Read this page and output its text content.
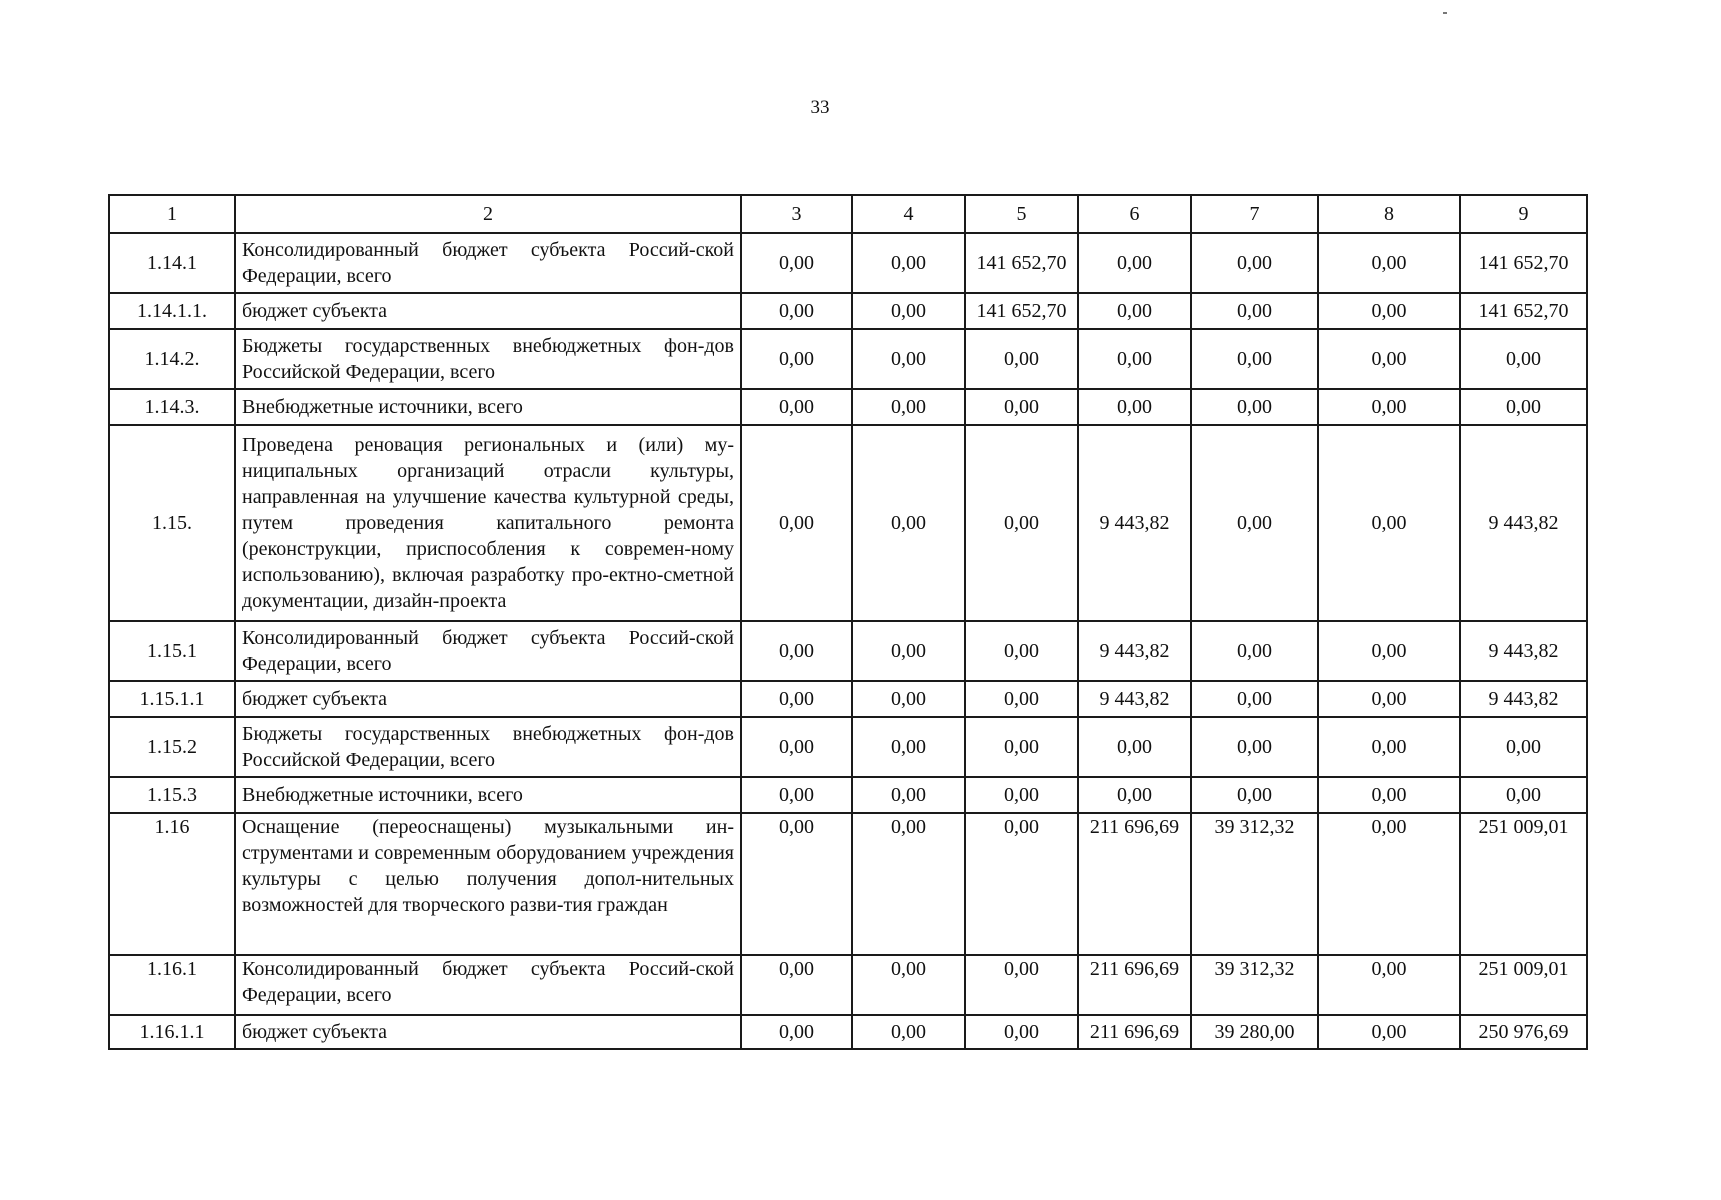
33
1	2	3	4	5	6	7	8	9
1.14.1	Консолидированный бюджет субъекта Россий-ской Федерации, всего	0,00	0,00	141 652,70	0,00	0,00	0,00	141 652,70
1.14.1.1.	бюджет субъекта	0,00	0,00	141 652,70	0,00	0,00	0,00	141 652,70
1.14.2.	Бюджеты государственных внебюджетных фон-дов Российской Федерации, всего	0,00	0,00	0,00	0,00	0,00	0,00	0,00
1.14.3.	Внебюджетные источники, всего	0,00	0,00	0,00	0,00	0,00	0,00	0,00
1.15.	Проведена реновация региональных и (или) му-ниципальных организаций отрасли культуры, направленная на улучшение качества культурной среды, путем проведения капитального ремонта (реконструкции, приспособления к современ-ному использованию), включая разработку про-ектно-сметной документации, дизайн-проекта	0,00	0,00	0,00	9 443,82	0,00	0,00	9 443,82
1.15.1	Консолидированный бюджет субъекта Россий-ской Федерации, всего	0,00	0,00	0,00	9 443,82	0,00	0,00	9 443,82
1.15.1.1	бюджет субъекта	0,00	0,00	0,00	9 443,82	0,00	0,00	9 443,82
1.15.2	Бюджеты государственных внебюджетных фон-дов Российской Федерации, всего	0,00	0,00	0,00	0,00	0,00	0,00	0,00
1.15.3	Внебюджетные источники, всего	0,00	0,00	0,00	0,00	0,00	0,00	0,00
1.16	Оснащение (переоснащены) музыкальными ин-струментами и современным оборудованием учреждения культуры с целью получения допол-нительных возможностей для творческого разви-тия граждан	0,00	0,00	0,00	211 696,69	39 312,32	0,00	251 009,01
1.16.1	Консолидированный бюджет субъекта Россий-ской Федерации, всего	0,00	0,00	0,00	211 696,69	39 312,32	0,00	251 009,01
1.16.1.1	бюджет субъекта	0,00	0,00	0,00	211 696,69	39 280,00	0,00	250 976,69
